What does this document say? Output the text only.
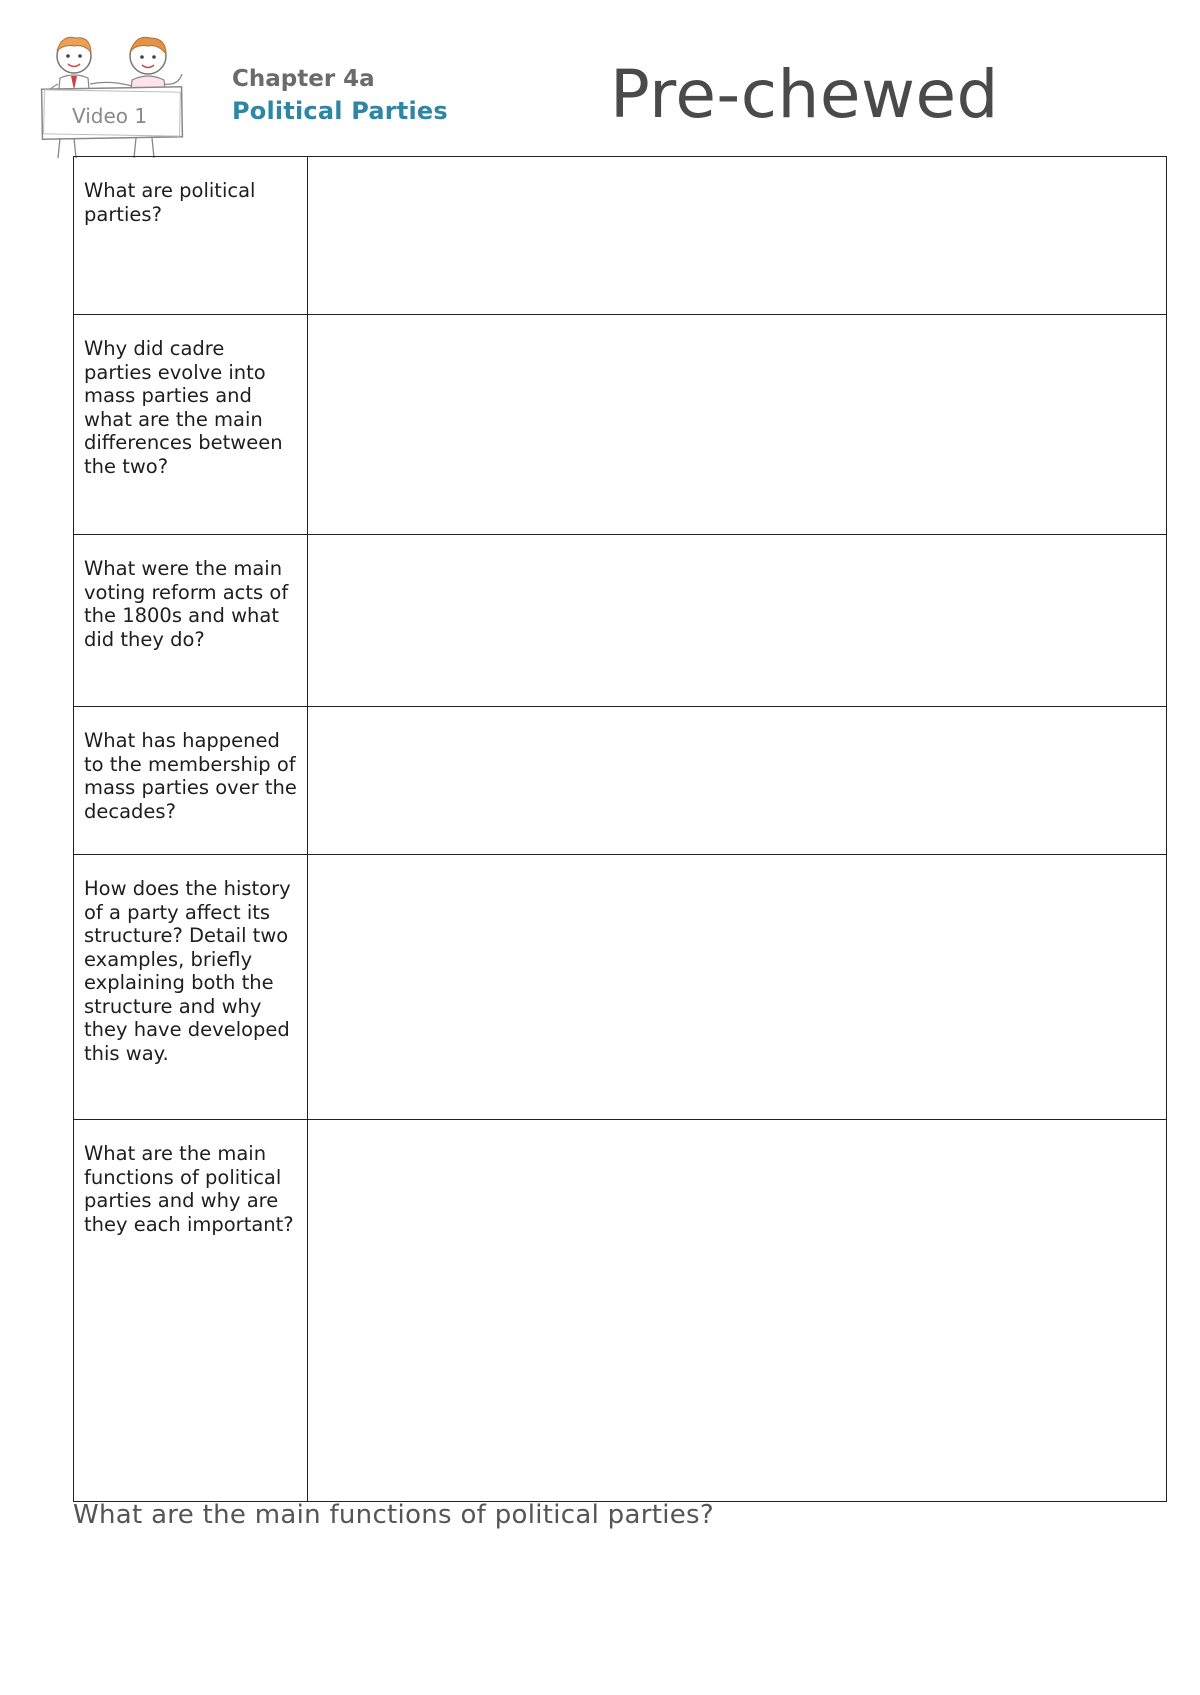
Video 1
Chapter 4a
Political Parties Pre-chewed
What are political parties?	

Why did cadre parties evolve into mass parties and what are the main differences between the two?	

What were the main voting reform acts of the 1800s and what did they do?	

What has happened to the membership of mass parties over the decades?	

How does the history of a party affect its structure? Detail two examples, briefly explaining both the structure and why they have developed this way.	

What are the main functions of political parties and why are they each important?	

What are the main functions of political parties?
